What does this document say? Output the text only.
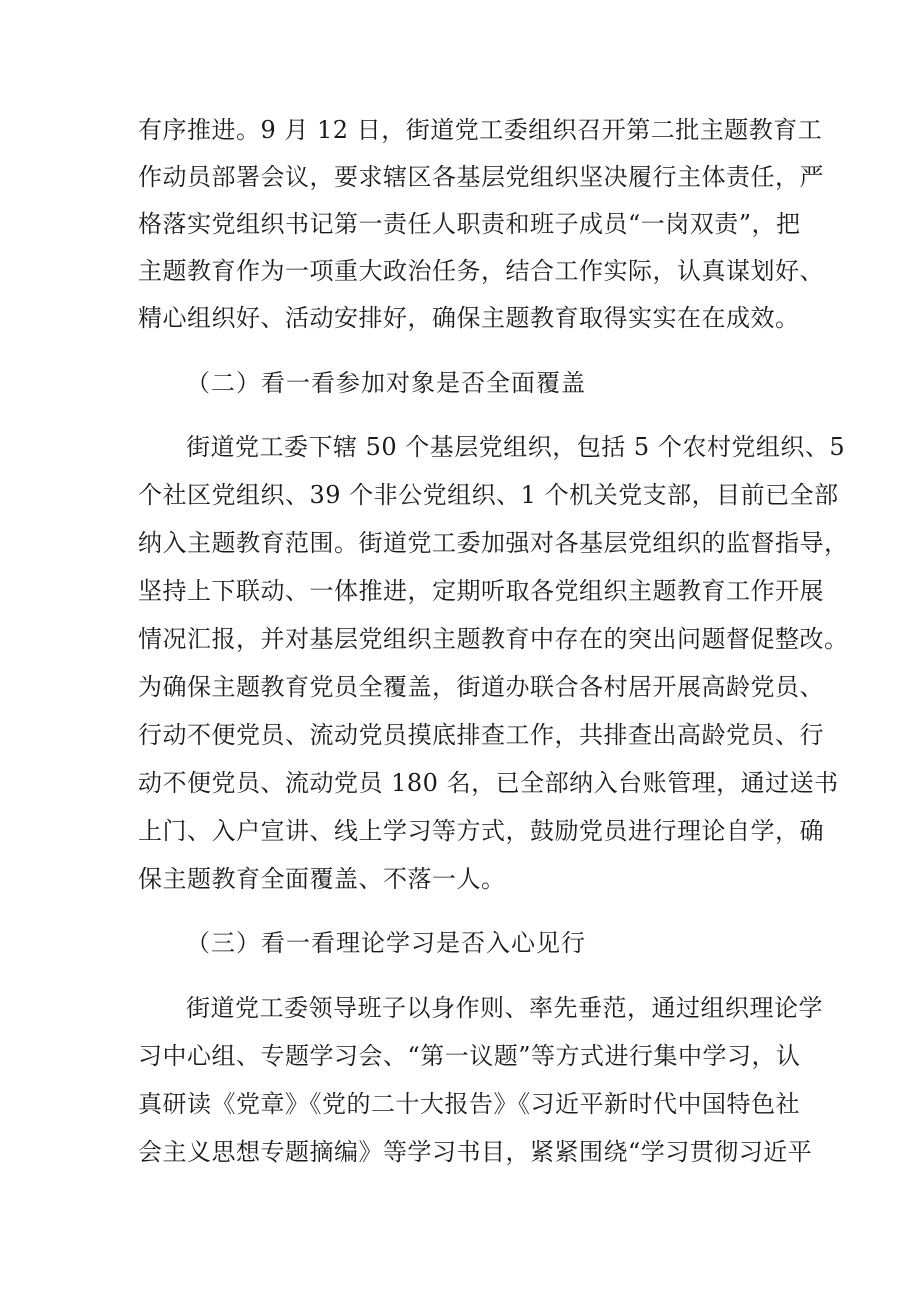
有序推进。9 月 12 日，街道党工委组织召开第二批主题教育工
作动员部署会议，要求辖区各基层党组织坚决履行主体责任，严
格落实党组织书记第一责任人职责和班子成员“一岗双责”，把
主题教育作为一项重大政治任务，结合工作实际，认真谋划好、
精心组织好、活动安排好，确保主题教育取得实实在在成效。
（二）看一看参加对象是否全面覆盖
街道党工委下辖 50 个基层党组织，包括 5 个农村党组织、5
个社区党组织、39 个非公党组织、1 个机关党支部，目前已全部
纳入主题教育范围。街道党工委加强对各基层党组织的监督指导，
坚持上下联动、一体推进，定期听取各党组织主题教育工作开展
情况汇报，并对基层党组织主题教育中存在的突出问题督促整改。
为确保主题教育党员全覆盖，街道办联合各村居开展高龄党员、
行动不便党员、流动党员摸底排查工作，共排查出高龄党员、行
动不便党员、流动党员 180 名，已全部纳入台账管理，通过送书
上门、入户宣讲、线上学习等方式，鼓励党员进行理论自学，确
保主题教育全面覆盖、不落一人。
（三）看一看理论学习是否入心见行
街道党工委领导班子以身作则、率先垂范，通过组织理论学
习中心组、专题学习会、“第一议题”等方式进行集中学习，认
真研读《党章》《党的二十大报告》《习近平新时代中国特色社
会主义思想专题摘编》等学习书目，紧紧围绕“学习贯彻习近平
